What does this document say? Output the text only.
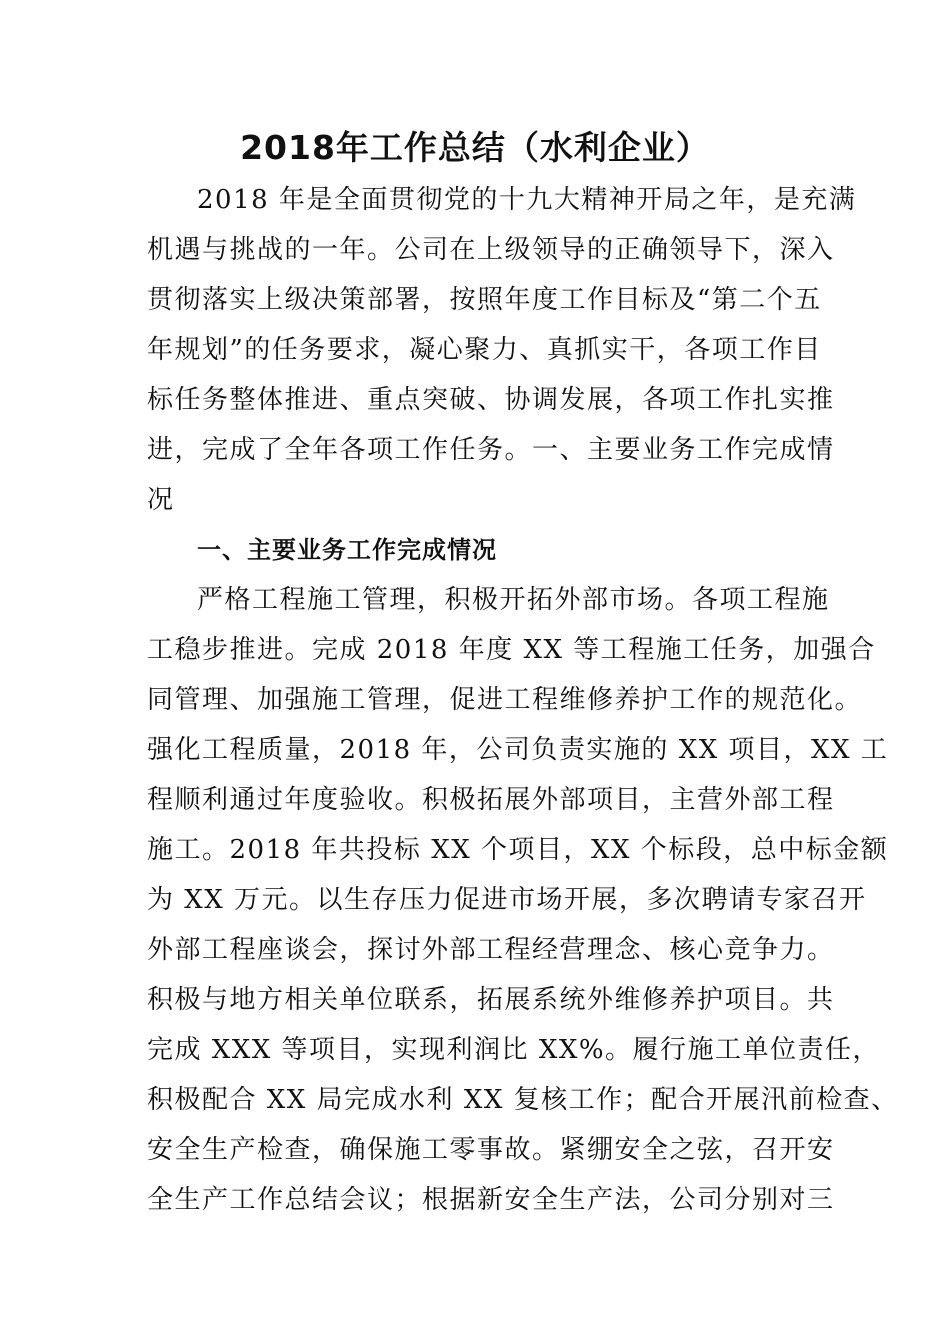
2018年工作总结（水利企业）
2018 年是全面贯彻党的十九大精神开局之年，是充满
机遇与挑战的一年。公司在上级领导的正确领导下，深入
贯彻落实上级决策部署，按照年度工作目标及“第二个五
年规划”的任务要求，凝心聚力、真抓实干，各项工作目
标任务整体推进、重点突破、协调发展，各项工作扎实推
进，完成了全年各项工作任务。一、主要业务工作完成情
况
一、主要业务工作完成情况
严格工程施工管理，积极开拓外部市场。各项工程施
工稳步推进。完成 2018 年度 XX 等工程施工任务，加强合
同管理、加强施工管理，促进工程维修养护工作的规范化。
强化工程质量，2018 年，公司负责实施的 XX 项目，XX 工
程顺利通过年度验收。积极拓展外部项目，主营外部工程
施工。2018 年共投标 XX 个项目，XX 个标段，总中标金额
为 XX 万元。以生存压力促进市场开展，多次聘请专家召开
外部工程座谈会，探讨外部工程经营理念、核心竞争力。
积极与地方相关单位联系，拓展系统外维修养护项目。共
完成 XXX 等项目，实现利润比 XX%。履行施工单位责任，
积极配合 XX 局完成水利 XX 复核工作；配合开展汛前检查、
安全生产检查，确保施工零事故。紧绷安全之弦，召开安
全生产工作总结会议；根据新安全生产法，公司分别对三
